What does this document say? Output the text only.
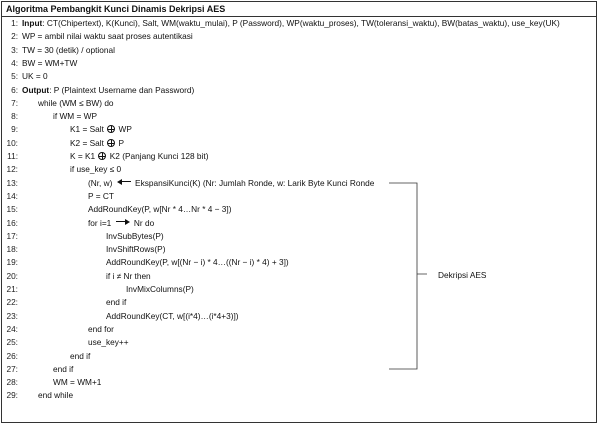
Algoritma Pembangkit Kunci Dinamis Dekripsi AES
1: Input: CT(Chipertext), K(Kunci), Salt, WM(waktu_mulai), P (Password), WP(waktu_proses), TW(toleransi_waktu), BW(batas_waktu), use_key(UK)
2: WP = ambil nilai waktu saat proses autentikasi
3: TW = 30 (detik) / optional
4: BW = WM+TW
5: UK = 0
6: Output: P (Plaintext Username dan Password)
7: while (WM ≤ BW) do
8:	if WM = WP
9:	K1 = Salt  WP
10:	K2 = Salt  P
11:	K = K1  K2 (Panjang Kunci 128 bit)
12:	if use_key ≤ 0
13:	(Nr, w)
EkspansiKunci(K) (Nr: Jumlah Ronde, w: Larik Byte Kunci Ronde
14:	P = CT
15:	AddRoundKey(P, w[Nr * 4…Nr * 4 − 3])
16:	for i=1
Nr do
17:	InvSubBytes(P)
18:	InvShiftRows(P)
19:	AddRoundKey(P, w[(Nr − i) * 4…((Nr − i) * 4) + 3])
20:	if i ≠ Nr then
21:	InvMixColumns(P)
22:	end if
23:	AddRoundKey(CT, w[(i*4)…(i*4+3)])
24:	end for
25:	use_key++
26:	end if
27:	end if
28:	WM = WM+1
29: end while
Dekripsi AES
